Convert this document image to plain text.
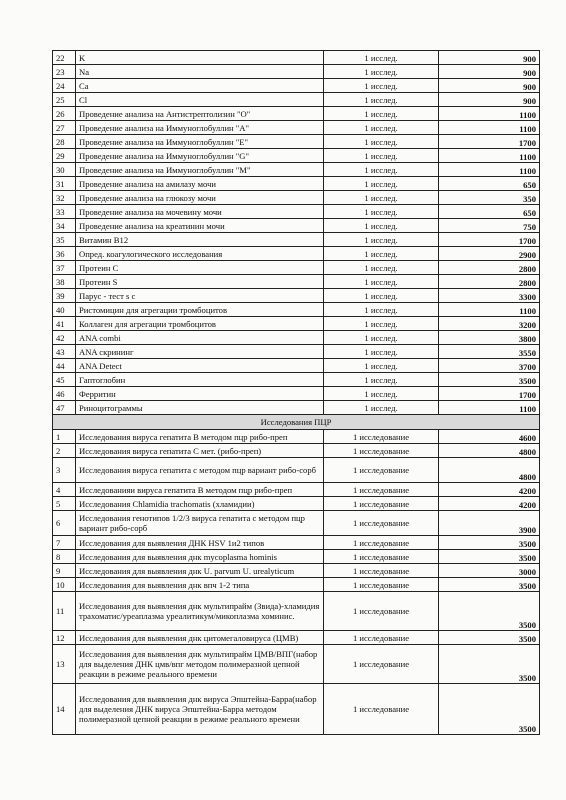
22	K	1 исслед.	900
23	Na	1 исслед.	900
24	Ca	1 исслед.	900
25	Cl	1 исслед.	900
26	Проведение анализа на Антистрептолизин "О"	1 исслед.	1100
27	Проведение анализа на Иммуноглобуллин "А"	1 исслед.	1100
28	Проведение анализа на Иммуноглобуллин "Е"	1 исслед.	1700
29	Проведение анализа на Иммуноглобуллин "G"	1 исслед.	1100
30	Проведение анализа на Иммуноглобуллин "М"	1 исслед.	1100
31	Проведение анализа на амилазу мочи	1 исслед.	650
32	Проведение анализа на глюкозу мочи	1 исслед.	350
33	Проведение анализа на мочевину мочи	1 исслед.	650
34	Проведение анализа на креатинин мочи	1 исслед.	750
35	Витамин В12	1 исслед.	1700
36	Опред. коагулогического исследования	1 исслед.	2900
37	Протеин С	1 исслед.	2800
38	Протеин S	1 исслед.	2800
39	Парус - тест s c	1 исслед.	3300
40	Ристомицин для агрегации тромбоцитов	1 исслед.	1100
41	Коллаген для агрегации тромбоцитов	1 исслед.	3200
42	ANA combi	1 исслед.	3800
43	ANA скрининг	1 исслед.	3550
44	ANA Detect	1 исслед.	3700
45	Гаптоглобин	1 исслед.	3500
46	Ферритин	1 исслед.	1700
47	Риноцитограммы	1 исслед.	1100
Исследования ПЦР			
1	Исследования вируса гепатита В методом пцр рибо-преп	1 исследование	4600
2	Исследования вируса гепатита С мет. (рибо-преп)	1 исследование	4800
3	Исследования вируса гепатита с методом пцр вариант рибо-сорб	1 исследование	4800
4	Исследованияи вируса гепатита В методом пцр рибо-преп	1 исследование	4200
5	Исследования Chlamidia trachomatis (хламидии)	1 исследование	4200
6	Исследования генотипов 1/2/3 вируса гепатита с методом пцр вариант рибо-сорб	1 исследование	3900
7	Исследования для выявления ДНК HSV 1и2 типов	1 исследование	3500
8	Исследования для выявления днк mycoplasma hominis	1 исследование	3500
9	Исследования для выявления днк U. parvum U. urealyticum	1 исследование	3000
10	Исследования для выявления днк впч 1-2 типа	1 исследование	3500
11	Исследования для выявления днк мультипрайм (Звида)-хламидия трахоматис/уреаплазма уреалитикум/микоплазма хоминис.	1 исследование	3500
12	Исследования для выявления днк цитомегаловируса (ЦМВ)	1 исследование	3500
13	Исследования для выявления днк мультипрайм ЦМВ/ВПГ(набор для выделения ДНК цмв/впг методом полимеразной цепной реакции в режиме реального времени	1 исследование	3500
14	Исследования для выявления днк вируса Эпштейна-Барра(набор для выделения ДНК вируса Эпштейна-Барра методом полимеразной цепной реакции в режиме реального времени	1 исследование	3500
